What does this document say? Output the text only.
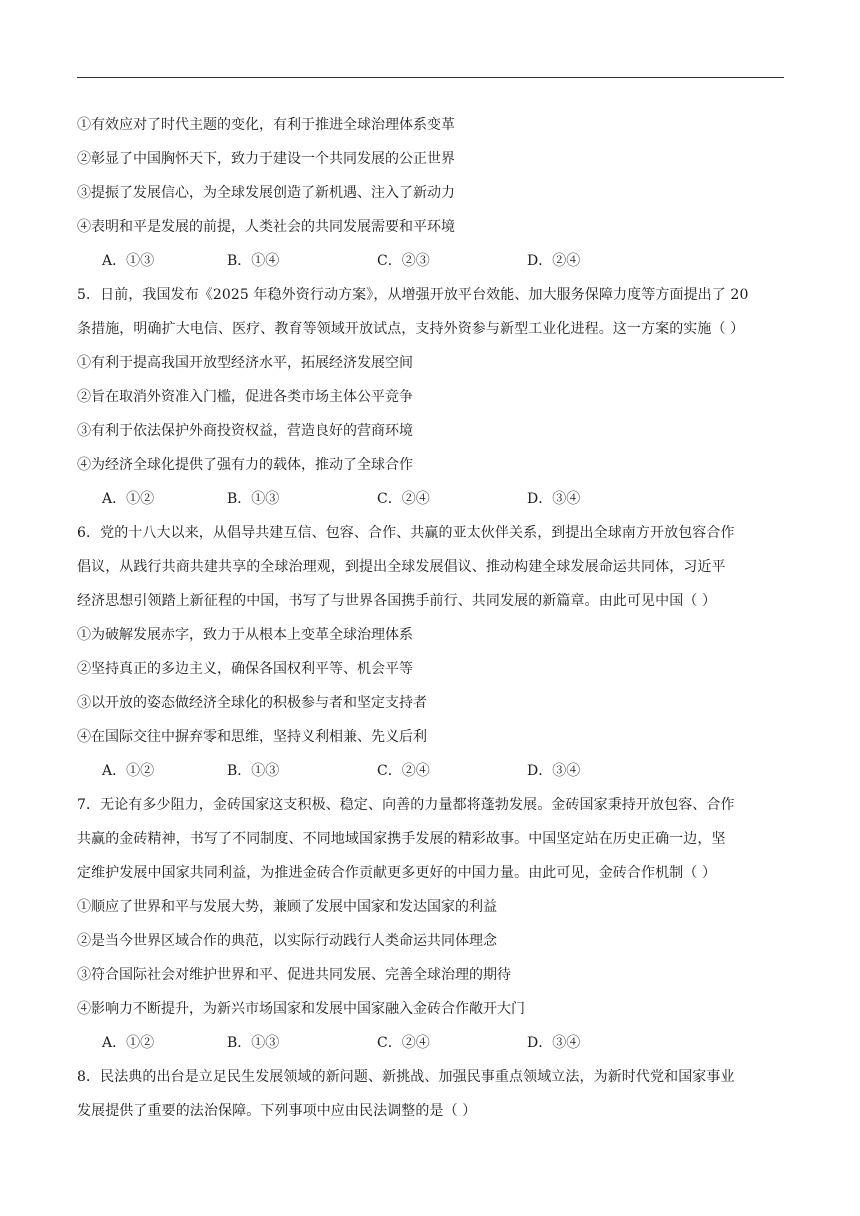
①有效应对了时代主题的变化，有利于推进全球治理体系变革
②彰显了中国胸怀天下，致力于建设一个共同发展的公正世界
③提振了发展信心，为全球发展创造了新机遇、注入了新动力
④表明和平是发展的前提，人类社会的共同发展需要和平环境
A．①③	B．①④	C．②③	D．②④
5．日前，我国发布《2025 年稳外资行动方案》，从增强开放平台效能、加大服务保障力度等方面提出了 20
条措施，明确扩大电信、医疗、教育等领域开放试点，支持外资参与新型工业化进程。这一方案的实施（ ）
①有利于提高我国开放型经济水平，拓展经济发展空间
②旨在取消外资准入门槛，促进各类市场主体公平竞争
③有利于依法保护外商投资权益，营造良好的营商环境
④为经济全球化提供了强有力的载体，推动了全球合作
A．①②	B．①③	C．②④	D．③④
6．党的十八大以来，从倡导共建互信、包容、合作、共赢的亚太伙伴关系，到提出全球南方开放包容合作
倡议，从践行共商共建共享的全球治理观，到提出全球发展倡议、推动构建全球发展命运共同体，习近平
经济思想引领踏上新征程的中国，书写了与世界各国携手前行、共同发展的新篇章。由此可见中国（ ）
①为破解发展赤字，致力于从根本上变革全球治理体系
②坚持真正的多边主义，确保各国权利平等、机会平等
③以开放的姿态做经济全球化的积极参与者和坚定支持者
④在国际交往中摒弃零和思维，坚持义利相兼、先义后利
A．①②	B．①③	C．②④	D．③④
7．无论有多少阻力，金砖国家这支积极、稳定、向善的力量都将蓬勃发展。金砖国家秉持开放包容、合作
共赢的金砖精神，书写了不同制度、不同地域国家携手发展的精彩故事。中国坚定站在历史正确一边，坚
定维护发展中国家共同利益，为推进金砖合作贡献更多更好的中国力量。由此可见，金砖合作机制（ ）
①顺应了世界和平与发展大势，兼顾了发展中国家和发达国家的利益
②是当今世界区域合作的典范，以实际行动践行人类命运共同体理念
③符合国际社会对维护世界和平、促进共同发展、完善全球治理的期待
④影响力不断提升，为新兴市场国家和发展中国家融入金砖合作敞开大门
A．①②	B．①③	C．②④	D．③④
8．民法典的出台是立足民生发展领域的新问题、新挑战、加强民事重点领域立法，为新时代党和国家事业
发展提供了重要的法治保障。下列事项中应由民法调整的是（ ）
